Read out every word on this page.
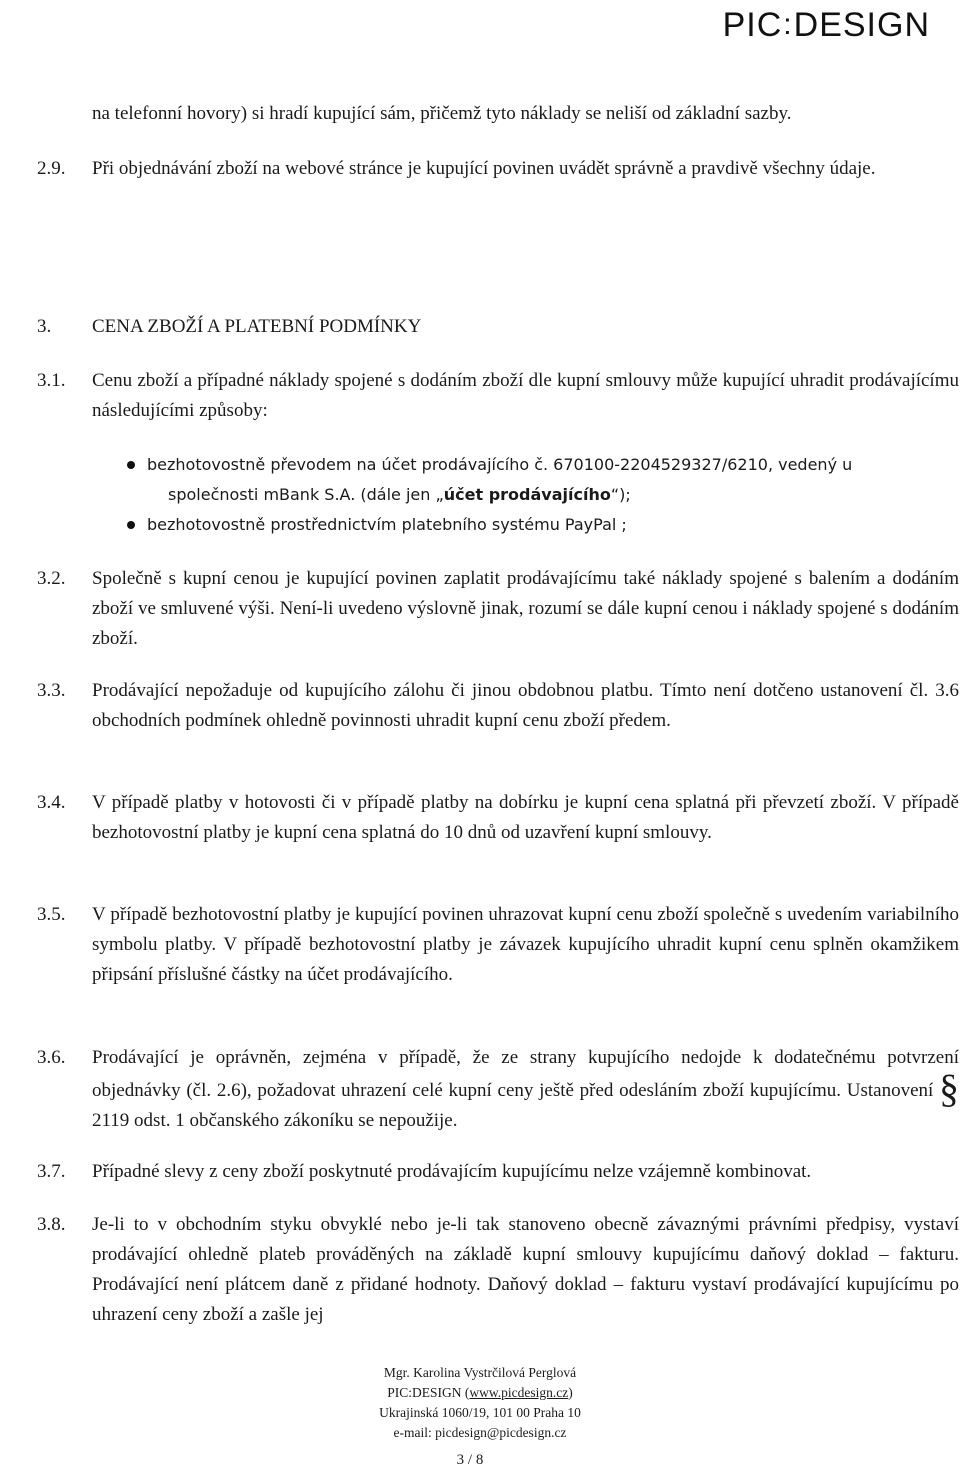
PIC:DESIGN
na telefonní hovory) si hradí kupující sám, přičemž tyto náklady se neliší od základní sazby.
2.9.	Při objednávání zboží na webové stránce je kupující povinen uvádět správně a pravdivě všechny údaje.
3.	CENA ZBOŽÍ A PLATEBNÍ PODMÍNKY
3.1.	Cenu zboží a případné náklady spojené s dodáním zboží dle kupní smlouvy může kupující uhradit prodávajícímu následujícími způsoby:
bezhotovostně převodem na účet prodávajícího č. 670100-2204529327/6210, vedený u
společnosti mBank S.A. (dále jen „účet prodávajícího“);
bezhotovostně prostřednictvím platebního systému PayPal ;
3.2.	Společně s kupní cenou je kupující povinen zaplatit prodávajícímu také náklady spojené s balením a dodáním zboží ve smluvené výši. Není-li uvedeno výslovně jinak, rozumí se dále kupní cenou i náklady spojené s dodáním zboží.
3.3.	Prodávající nepožaduje od kupujícího zálohu či jinou obdobnou platbu. Tímto není dotčeno ustanovení čl. 3.6 obchodních podmínek ohledně povinnosti uhradit kupní cenu zboží předem.
3.4.	V případě platby v hotovosti či v případě platby na dobírku je kupní cena splatná při převzetí zboží. V případě bezhotovostní platby je kupní cena splatná do 10 dnů od uzavření kupní smlouvy.
3.5.	V případě bezhotovostní platby je kupující povinen uhrazovat kupní cenu zboží společně s uvedením variabilního symbolu platby. V případě bezhotovostní platby je závazek kupujícího uhradit kupní cenu splněn okamžikem připsání příslušné částky na účet prodávajícího.
3.6.	Prodávající je oprávněn, zejména v případě, že ze strany kupujícího nedojde k dodatečnému potvrzení objednávky (čl. 2.6), požadovat uhrazení celé kupní ceny ještě před odesláním zboží kupujícímu. Ustanovení § 2119 odst. 1 občanského zákoníku se nepoužije.
3.7.	Případné slevy z ceny zboží poskytnuté prodávajícím kupujícímu nelze vzájemně kombinovat.
3.8.	Je-li to v obchodním styku obvyklé nebo je-li tak stanoveno obecně závaznými právními předpisy, vystaví prodávající ohledně plateb prováděných na základě kupní smlouvy kupujícímu daňový doklad – fakturu. Prodávající není plátcem daně z přidané hodnoty. Daňový doklad – fakturu vystaví prodávající kupujícímu po uhrazení ceny zboží a zašle jej
Mgr. Karolina Vystrčilová Perglová
PIC:DESIGN (www.picdesign.cz)
Ukrajinská 1060/19, 101 00 Praha 10
e-mail: picdesign@picdesign.cz
3 / 8
